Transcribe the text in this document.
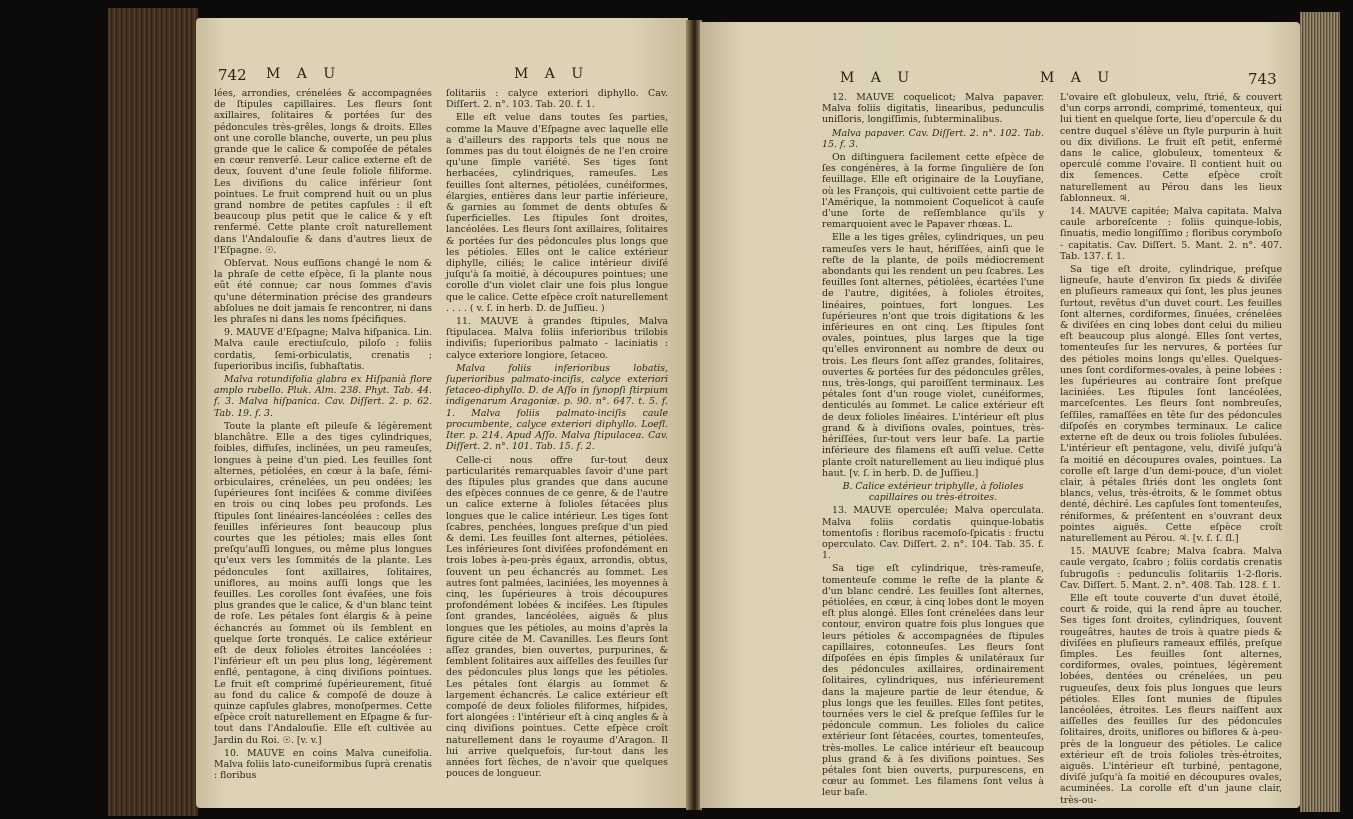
742 M A U	M A U

lées, arrondies, crénelées & accompagnées de ſtipules capillaires. Les fleurs ſont axillaires, ſolitaires & portées ſur des pédoncules très-grêles, longs & droits. Elles ont une corolle blanche, ouverte, un peu plus grande que le calice & compoſée de pétales en cœur renverſé. Leur calice externe eſt de deux, ſouvent d'une ſeule foliole filiforme. Les diviſions du calice inférieur ſont pointues. Le fruit comprend huit ou un plus grand nombre de petites capſules : il eſt beaucoup plus petit que le calice & y eſt renfermé. Cette plante croît naturellement dans l'Andalouſie & dans d'autres lieux de l'Eſpagne. ☉.

Obſervat. Nous euſſions changé le nom & la phraſe de cette eſpèce, ſi la plante nous eût été connue; car nous ſommes d'avis qu'une détermination précise des grandeurs abſolues ne doit jamais ſe rencontrer, ni dans les phraſes ni dans les noms ſpécifiques.

9. MAUVE d'Eſpagne; Malva hiſpanica. Lin. Malva caule erectiuſculo, piloſo : foliis cordatis, ſemi-orbiculatis, crenatis ; ſuperioribus inciſis, ſubhaſtatis.

Malva rotundifolia glabra ex Hiſpanià flore amplo rubello. Pluk. Alm. 238. Phyt. Tab. 44. f. 3. Malva hiſpanica. Cav. Diſſert. 2. p. 62. Tab. 19. f. 3.

Toute la plante eſt pileuſe & légèrement blanchâtre. Elle a des tiges cylindriques, foibles, diffuſes, inclinées, un peu rameuſes, longues à peine d'un pied. Les feuilles ſont alternes, pétiolées, en cœur à la baſe, ſémi-orbiculaires, crénelées, un peu ondées; les ſupérieures ſont inciſées & comme diviſées en trois ou cinq lobes peu profonds. Les ſtipules ſont linéaires-lancéolées : celles des feuilles inférieures ſont beaucoup plus courtes que les pétioles; mais elles ſont preſqu'auſſi longues, ou même plus longues qu'eux vers les ſommités de la plante. Les pédoncules ſont axillaires, ſolitaires, uniflores, au moins auſſi longs que les feuilles. Les corolles ſont évaſées, une fois plus grandes que le calice, & d'un blanc teint de roſe. Les pétales ſont élargis & à peine échancrés au ſommet où ils ſemblent en quelque ſorte tronqués. Le calice extérieur eſt de deux folioles étroites lancéolées : l'inférieur eſt un peu plus long, légèrement enflé, pentagone, à cinq diviſions pointues. Le fruit eſt comprimé ſupérieurement, ſitué au fond du calice & compoſé de douze à quinze capſules glabres, monoſpermes. Cette eſpèce croît naturellement en Eſpagne & ſur-tout dans l'Andalouſie. Elle eſt cultivée au Jardin du Roi. ☉. [v. v.]

10. MAUVE en coins Malva cuneifolia. Malva foliis lato-cuneiformibus ſuprà crenatis : floribus

ſolitariis : calyce exteriori diphyllo. Cav. Diſſert. 2. n°. 103. Tab. 20. f. 1.

Elle eſt velue dans toutes ſes parties, comme la Mauve d'Eſpagne avec laquelle elle a d'ailleurs des rapports tels que nous ne ſommes pas du tout éloignés de ne l'en croire qu'une ſimple variété. Ses tiges ſont herbacées, cylindriques, rameuſes. Les feuilles ſont alternes, pétiolées, cunéiformes, élargies, entières dans leur partie inférieure, & garnies au ſommet de dents obtuſes & ſuperficielles. Les ſtipules ſont droites, lancéolées. Les fleurs ſont axillaires, ſolitaires & portées ſur des pédoncules plus longs que les pétioles. Elles ont le calice extérieur diphylle, ciliés; le calice intérieur diviſé juſqu'à ſa moitié, à découpures pointues; une corolle d'un violet clair une fois plus longue que le calice. Cette eſpèce croît naturellement . . . . ( v. ſ. in herb. D. de Juſſieu. )

11. MAUVE à grandes ſtipules, Malva ſtipulacea. Malva foliis inferioribus trilobis indiviſis; ſuperioribus palmato - laciniatis : calyce exteriore longiore, ſetaceo.

Malva foliis inferioribus lobatis, ſuperioribus palmato-inciſis, calyce exteriori ſetaceo-diphyllo. D. de Aſſo in ſynopſi ſtirpium indigenarum Aragoniæ. p. 90. n°. 647. t. 5. f. 1. Malva foliis palmato-inciſis caule procumbente, calyce exteriori diphyllo. Loefl. Iter. p. 214. Apud Aſſo. Malva ſtipulacea. Cav. Diſſert. 2. n°. 101. Tab. 15. f. 2.

Celle-ci nous offre ſur-tout deux particularités remarquables ſavoir d'une part des ſtipules plus grandes que dans aucune des eſpèces connues de ce genre, & de l'autre un calice externe à folioles ſétacées plus longues que le calice intérieur. Les tiges ſont ſcabres, penchées, longues preſque d'un pied & demi. Les feuilles ſont alternes, pétiolées. Les inférieures ſont diviſées profondément en trois lobes à-peu-près égaux, arrondis, obtus, ſouvent un peu échancrés au ſommet. Les autres ſont palmées, laciniées, les moyennes à cinq, les ſupérieures à trois découpures profondément lobées & inciſées. Les ſtipules ſont grandes, lancéolées, aiguës & plus longues que les pétioles, au moins d'après la figure citée de M. Cavanilles. Les fleurs ſont aſſez grandes, bien ouvertes, purpurines, & ſemblent ſolitaires aux aiſſelles des feuilles ſur des pédoncules plus longs que les pétioles. Les pétales ſont élargis au ſommet & largement échancrés. Le calice extérieur eſt compoſé de deux folioles filiformes, hiſpides, fort alongées : l'intérieur eſt à cinq angles & à cinq diviſions pointues. Cette eſpèce croît naturellement dans le royaume d'Aragon. Il lui arrive quelquefois, ſur-tout dans les années fort ſèches, de n'avoir que quelques pouces de longueur.

M A U	M A U	743

12. MAUVE coquelicot; Malva papaver. Malva foliis digitatis, linearibus, pedunculis uniſloris, longiſſimis, ſubterminalibus.

Malva papaver. Cav. Diſſert. 2. n°. 102. Tab. 15. f. 3.

On diſtinguera facilement cette eſpèce de ſes congénères, à la forme ſingulière de ſon feuillage. Elle eſt originaire de la Louyſiane, où les François, qui cultivoient cette partie de l'Amérique, la nommoient Coquelicot à cauſe d'une ſorte de reſſemblance qu'ils y remarquoient avec le Papaver rhœas. L.

Elle a les tiges grêles, cylindriques, un peu rameuſes vers le haut, hériſſées, ainſi que le reſte de la plante, de poils médiocrement abondants qui les rendent un peu ſcabres. Les feuilles ſont alternes, pétiolées, écartées l'une de l'autre, digitées, à folioles étroites, linéaires, pointues, fort longues. Les ſupérieures n'ont que trois digitations & les inférieures en ont cinq. Les ſtipules ſont ovales, pointues, plus larges que la tige qu'elles environnent au nombre de deux ou trois. Les fleurs ſont aſſez grandes, ſolitaires, ouvertes & portées ſur des pédoncules grêles, nus, très-longs, qui paroiſſent terminaux. Les pétales ſont d'un rouge violet, cunéiformes, denticulés au ſommet. Le calice extérieur eſt de deux folioles linéaires. L'intérieur eſt plus grand & à diviſions ovales, pointues, très-hériſſées, ſur-tout vers leur baſe. La partie inférieure des filamens eſt auſſi velue. Cette plante croît naturellement au lieu indiqué plus haut. [v. ſ. in herb. D. de Juſſieu.]

B. Calice extérieur triphylle, à folioles capillaires ou très-étroites.

13. MAUVE operculée; Malva operculata. Malva foliis cordatis quinque-lobatis tomentoſis : floribus racemoſo-ſpicatis : fructu operculato. Cav. Diſſert. 2. n°. 104. Tab. 35. f. 1.

Sa tige eſt cylindrique, très-rameuſe, tomenteuſe comme le reſte de la plante & d'un blanc cendré. Les feuilles ſont alternes, pétiolées, en cœur, à cinq lobes dont le moyen eſt plus alongé. Elles ſont crénelées dans leur contour, environ quatre fois plus longues que leurs pétioles & accompagnées de ſtipules capillaires, cotonneuſes. Les fleurs ſont diſpoſées en épis ſimples & unilatéraux ſur des pédoncules axillaires, ordinairement ſolitaires, cylindriques, nus inférieurement dans la majeure partie de leur étendue, & plus longs que les feuilles. Elles ſont petites, tournées vers le ciel & preſque ſeſſiles ſur le pédoncule commun. Les folioles du calice extérieur ſont ſétacées, courtes, tomenteuſes, très-molles. Le calice intérieur eſt beaucoup plus grand & à ſes diviſions pointues. Ses pétales ſont bien ouverts, purpurescens, en cœur au ſommet. Les filamens ſont velus à leur baſe.

L'ovaire eſt globuleux, velu, ſtrié, & couvert d'un corps arrondi, comprimé, tomenteux, qui lui tient en quelque ſorte, lieu d'opercule & du centre duquel s'élève un ſtyle purpurin à huit ou dix diviſions. Le fruit eſt petit, enfermé dans le calice, globuleux, tomenteux & operculé comme l'ovaire. Il contient huit ou dix ſemences. Cette eſpèce croît naturellement au Pérou dans les lieux ſablonneux. ♃.

14. MAUVE capitée; Malva capitata. Malva caule arboreſcente : foliis quinque-lobis, ſinuatis, medio longiſſimo ; floribus corymboſo - capitatis. Cav. Diſſert. 5. Mant. 2. n°. 407. Tab. 137. f. 1.

Sa tige eſt droite, cylindrique, preſque ligneuſe, haute d'environ ſix pieds & diviſée en pluſieurs rameaux qui ſont, les plus jeunes ſurtout, revêtus d'un duvet court. Les feuilles ſont alternes, cordiformes, ſinuées, crénelées & diviſées en cinq lobes dont celui du milieu eſt beaucoup plus alongé. Elles ſont vertes, tomenteuſes ſur les nervures, & portées ſur des pétioles moins longs qu'elles. Quelques-unes ſont cordiformes-ovales, à peine lobées : les ſupérieures au contraire ſont preſque laciniées. Les ſtipules ſont lancéolées, marceſcentes. Les fleurs ſont nombreuſes, ſeſſiles, ramaſſées en tête ſur des pédoncules diſpoſés en corymbes terminaux. Le calice externe eſt de deux ou trois folioles ſubulées. L'intérieur eſt pentagone, velu, diviſé juſqu'à ſa moitié en découpures ovales, pointues. La corolle eſt large d'un demi-pouce, d'un violet clair, à pétales ſtriés dont les onglets ſont blancs, velus, très-étroits, & le ſommet obtus denté, déchiré. Les capſules ſont tomenteuſes, réniformes, & préſentent en s'ouvrant deux pointes aiguës. Cette eſpèce croît naturellement au Pérou. ♃. [v. ſ. ſ. ſl.]

15. MAUVE ſcabre; Malva ſcabra. Malva caule vergato, ſcabro ; foliis cordatis crenatis ſubrugoſis : pedunculis ſolitariis 1-2-floris. Cav. Diſſert. 5. Mant. 2. n°. 408. Tab. 128. f. 1.

Elle eſt toute couverte d'un duvet étoilé, court & roide, qui la rend âpre au toucher. Ses tiges ſont droites, cylindriques, ſouvent rougeâtres, hautes de trois à quatre pieds & diviſées en pluſieurs rameaux effilés, preſque ſimples. Les feuilles ſont alternes, cordiformes, ovales, pointues, légèrement lobées, dentées ou crénelées, un peu rugueuſes, deux fois plus longues que leurs pétioles. Elles ſont munies de ſtipules lancéolées, étroites. Les fleurs naiſſent aux aiſſelles des feuilles ſur des pédoncules ſolitaires, droits, uniflores ou biflores & à-peu-près de la longueur des pétioles. Le calice extérieur eſt de trois folioles très-étroites, aiguës. L'intérieur eſt turbiné, pentagone, diviſé juſqu'à ſa moitié en découpures ovales, acuminées. La corolle eſt d'un jaune clair, très-ou-
